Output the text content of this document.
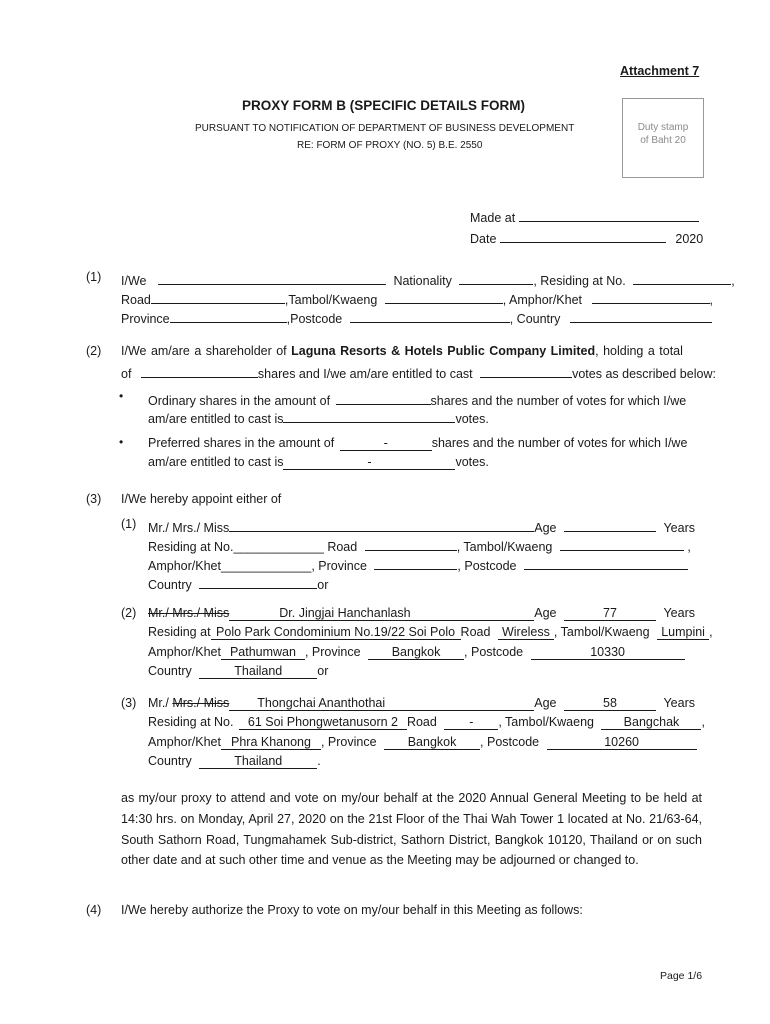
Attachment 7
PROXY FORM B (SPECIFIC DETAILS FORM)
PURSUANT TO NOTIFICATION OF DEPARTMENT OF BUSINESS DEVELOPMENT
RE: FORM OF PROXY (NO. 5) B.E. 2550
Duty stamp
of Baht 20
Made at
Date	2020
(1) I/We	Nationality	, Residing at No.	,
Road	,Tambol/Kwaeng	, Amphor/Khet	,
Province	,Postcode	, Country
(2) I/We am/are a shareholder of Laguna Resorts & Hotels Public Company Limited, holding a total
of	shares and I/we am/are entitled to cast	votes as described below:
• Ordinary shares in the amount of	shares and the number of votes for which I/we
am/are entitled to cast is	votes.
• Preferred shares in the amount of	-	shares and the number of votes for which I/we
am/are entitled to cast is	-	votes.
(3) I/We hereby appoint either of
(1) Mr./ Mrs./ Miss	Age	Years
Residing at No._____________ Road	, Tambol/Kwaeng	,
Amphor/Khet_____________, Province	, Postcode
Country	or
(2) Mr./ Mrs./ Miss	Dr. Jingjai Hanchanlash	Age	77	Years
Residing at Polo Park Condominium No.19/22 Soi Polo Road Wireless , Tambol/Kwaeng Lumpini ,
Amphor/Khet Pathumwan , Province Bangkok , Postcode	10330
Country	Thailand	or
(3) Mr./ Mrs./ Miss Thongchai Ananthothai	Age	58	Years
Residing at No. 61 Soi Phongwetanusorn 2 Road	- , Tambol/Kwaeng Bangchak ,
Amphor/Khet Phra Khanong , Province Bangkok , Postcode	10260
Country	Thailand	.
as my/our proxy to attend and vote on my/our behalf at the 2020 Annual General Meeting to be held at 14:30 hrs. on Monday, April 27, 2020 on the 21st Floor of the Thai Wah Tower 1 located at No. 21/63-64, South Sathorn Road, Tungmahamek Sub-district, Sathorn District, Bangkok 10120, Thailand or on such other date and at such other time and venue as the Meeting may be adjourned or changed to.
(4) I/We hereby authorize the Proxy to vote on my/our behalf in this Meeting as follows:
Page 1/6
